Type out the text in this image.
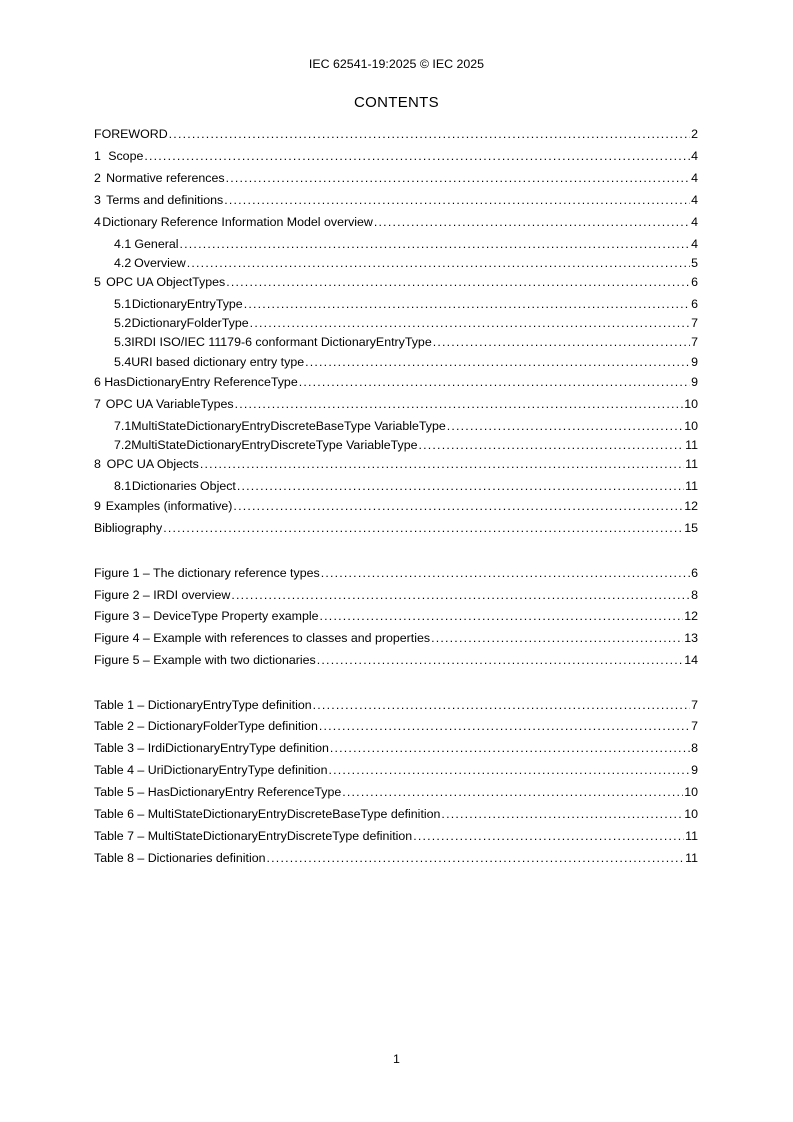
IEC 62541-19:2025 © IEC 2025
CONTENTS
FOREWORD .....	2
1 Scope .....	4
2 Normative references .....	4
3 Terms and definitions .....	4
4 Dictionary Reference Information Model overview .....	4
4.1 General .....	4
4.2 Overview .....	5
5 OPC UA ObjectTypes .....	6
5.1 DictionaryEntryType .....	6
5.2 DictionaryFolderType .....	7
5.3 IRDI ISO/IEC 11179-6 conformant DictionaryEntryType .....	7
5.4 URI based dictionary entry type .....	9
6 HasDictionaryEntry ReferenceType .....	9
7 OPC UA VariableTypes .....	10
7.1 MultiStateDictionaryEntryDiscreteBaseType VariableType .....	10
7.2 MultiStateDictionaryEntryDiscreteType VariableType .....	11
8 OPC UA Objects .....	11
8.1 Dictionaries Object .....	11
9 Examples (informative) .....	12
Bibliography .....	15
Figure 1 – The dictionary reference types .....	6
Figure 2 – IRDI overview .....	8
Figure 3 – DeviceType Property example .....	12
Figure 4 – Example with references to classes and properties .....	13
Figure 5 – Example with two dictionaries .....	14
Table 1 – DictionaryEntryType definition .....	7
Table 2 – DictionaryFolderType definition .....	7
Table 3 – IrdiDictionaryEntryType definition .....	8
Table 4 – UriDictionaryEntryType definition .....	9
Table 5 – HasDictionaryEntry ReferenceType .....	10
Table 6 – MultiStateDictionaryEntryDiscreteBaseType definition .....	10
Table 7 – MultiStateDictionaryEntryDiscreteType definition .....	11
Table 8 – Dictionaries definition .....	11
1
